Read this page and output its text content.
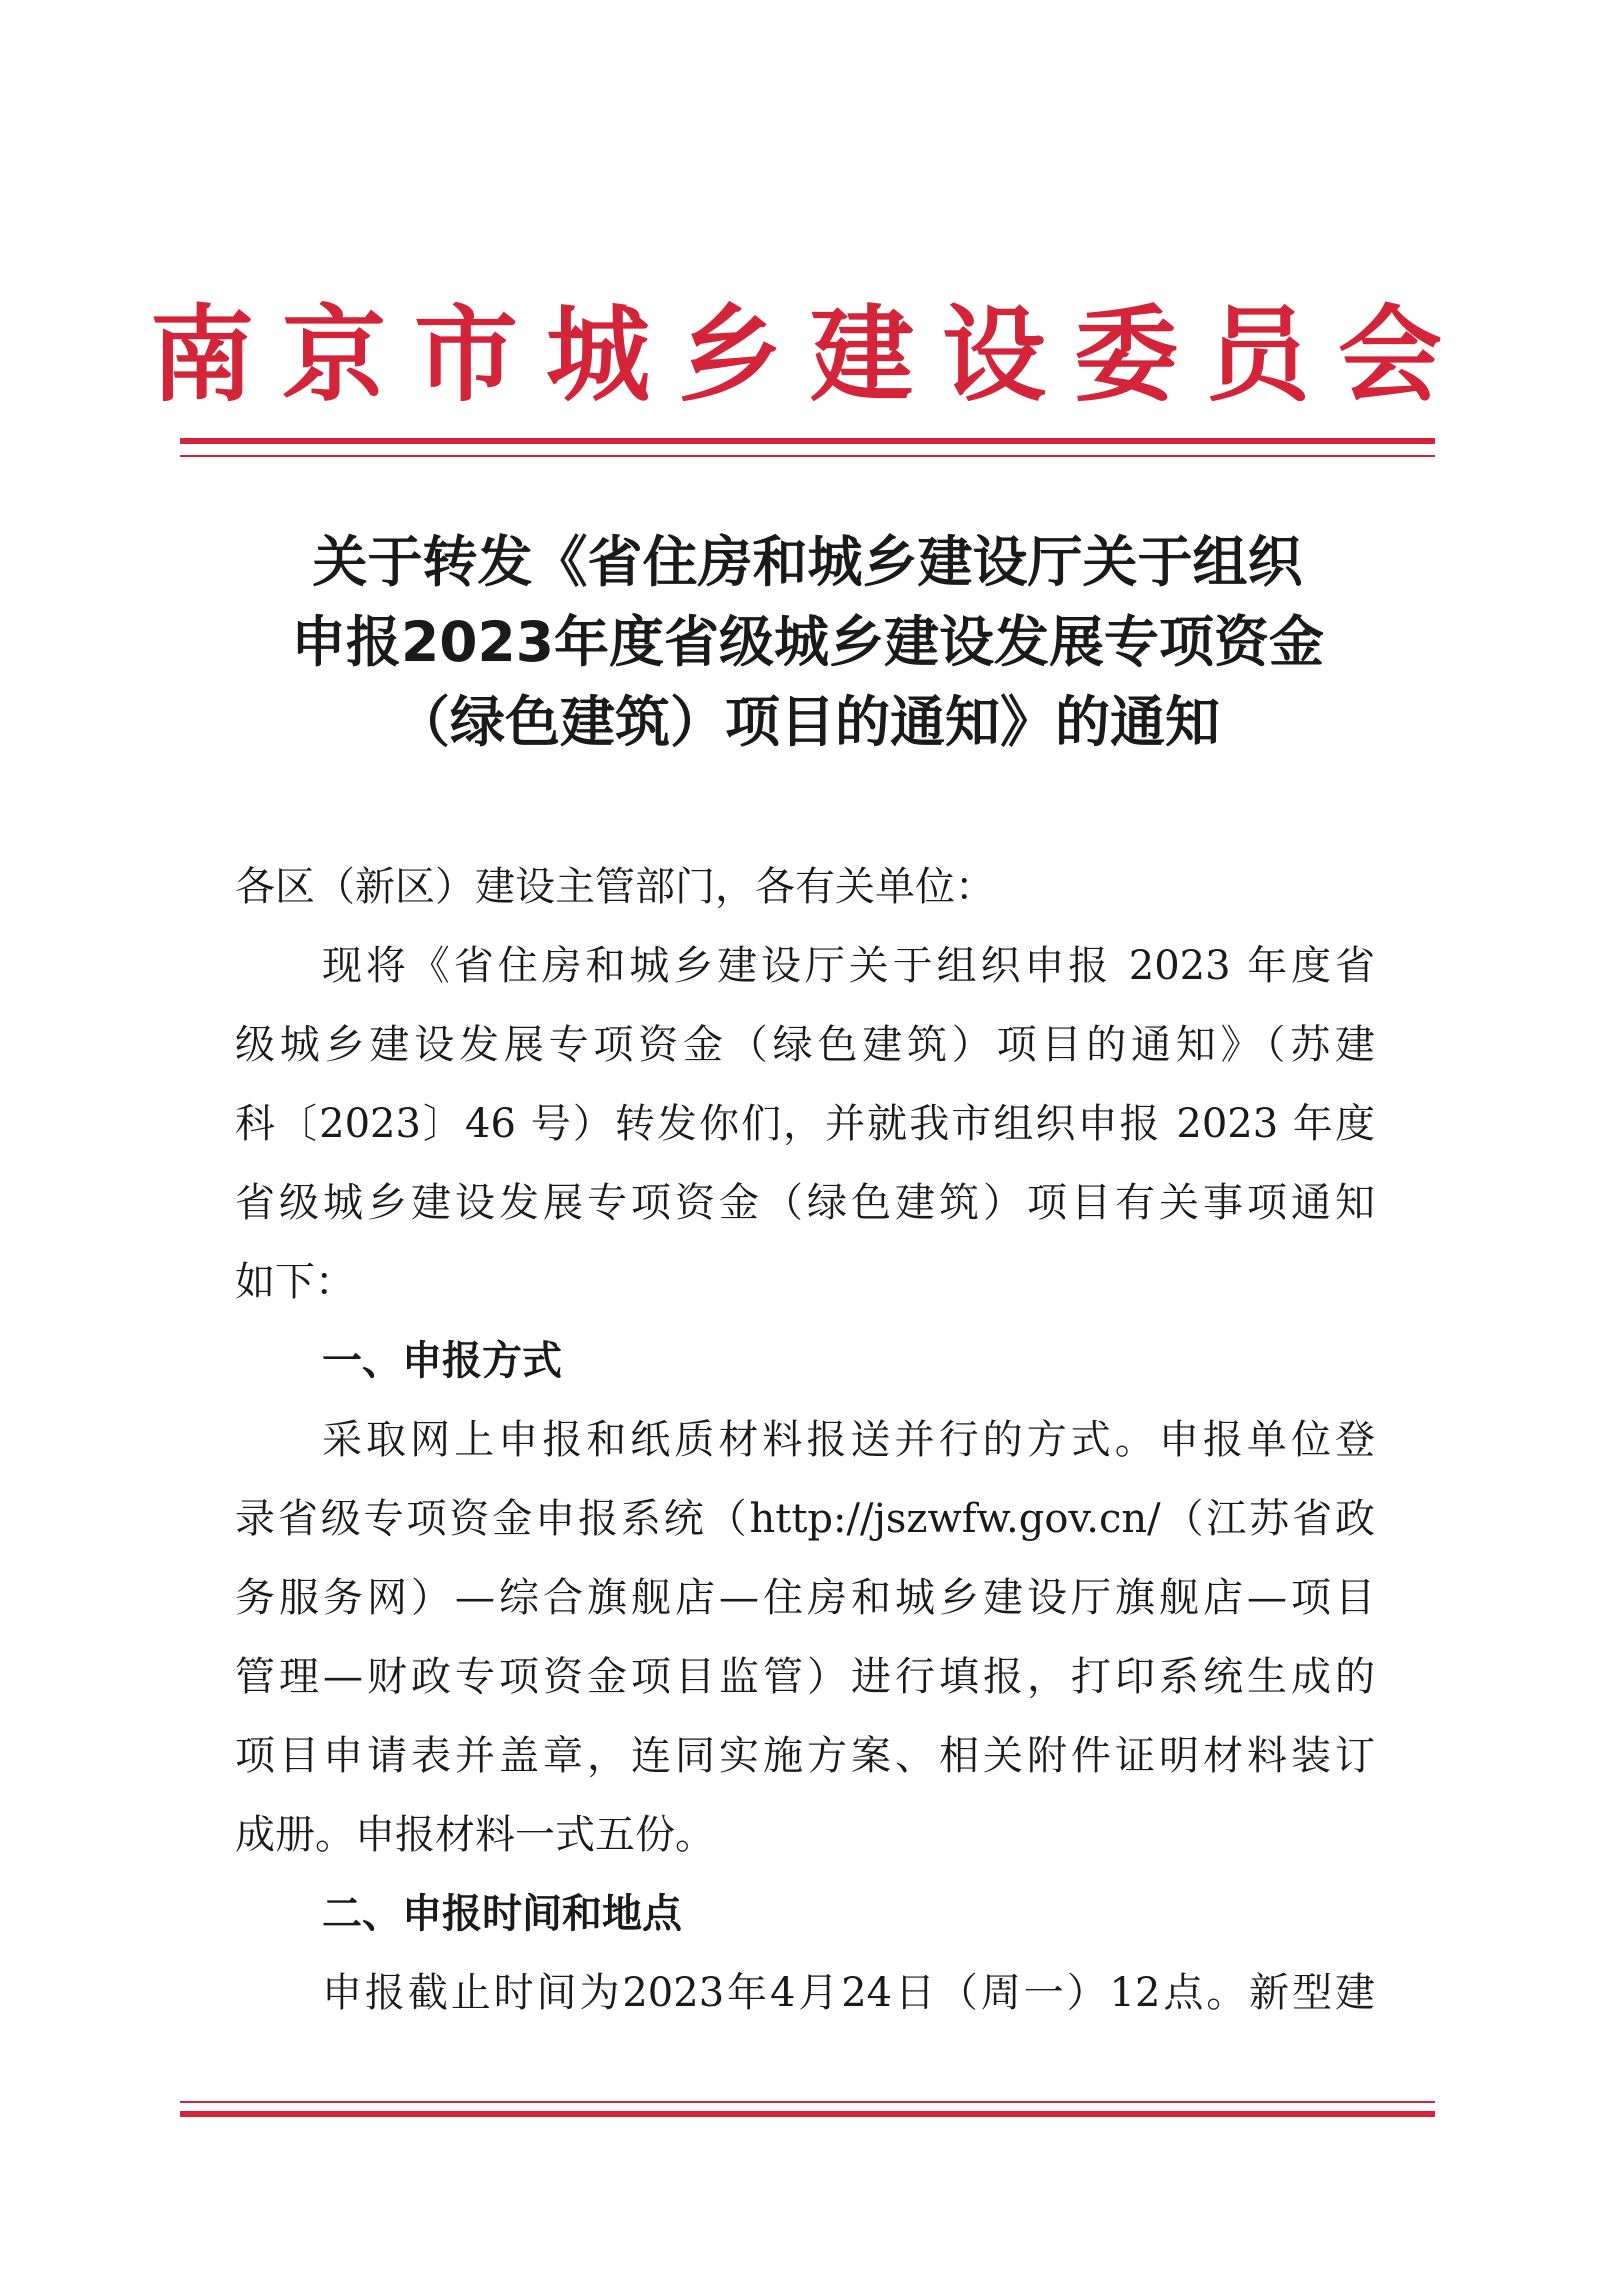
南京市城乡建设委员会
关于转发《省住房和城乡建设厅关于组织
申报2023年度省级城乡建设发展专项资金
（绿色建筑）项目的通知》的通知
各区（新区）建设主管部门，各有关单位：
现将《省住房和城乡建设厅关于组织申报 2023 年度省
级城乡建设发展专项资金（绿色建筑）项目的通知》（苏建
科〔2023〕46 号）转发你们，并就我市组织申报 2023 年度
省级城乡建设发展专项资金（绿色建筑）项目有关事项通知
如下：
一、申报方式
采取网上申报和纸质材料报送并行的方式。申报单位登
录省级专项资金申报系统（http://jszwfw.gov.cn/（江苏省政
务服务网）—综合旗舰店—住房和城乡建设厅旗舰店—项目
管理—财政专项资金项目监管）进行填报，打印系统生成的
项目申请表并盖章，连同实施方案、相关附件证明材料装订
成册。申报材料一式五份。
二、申报时间和地点
申报截止时间为2023年4月24日（周一）12点。新型建
